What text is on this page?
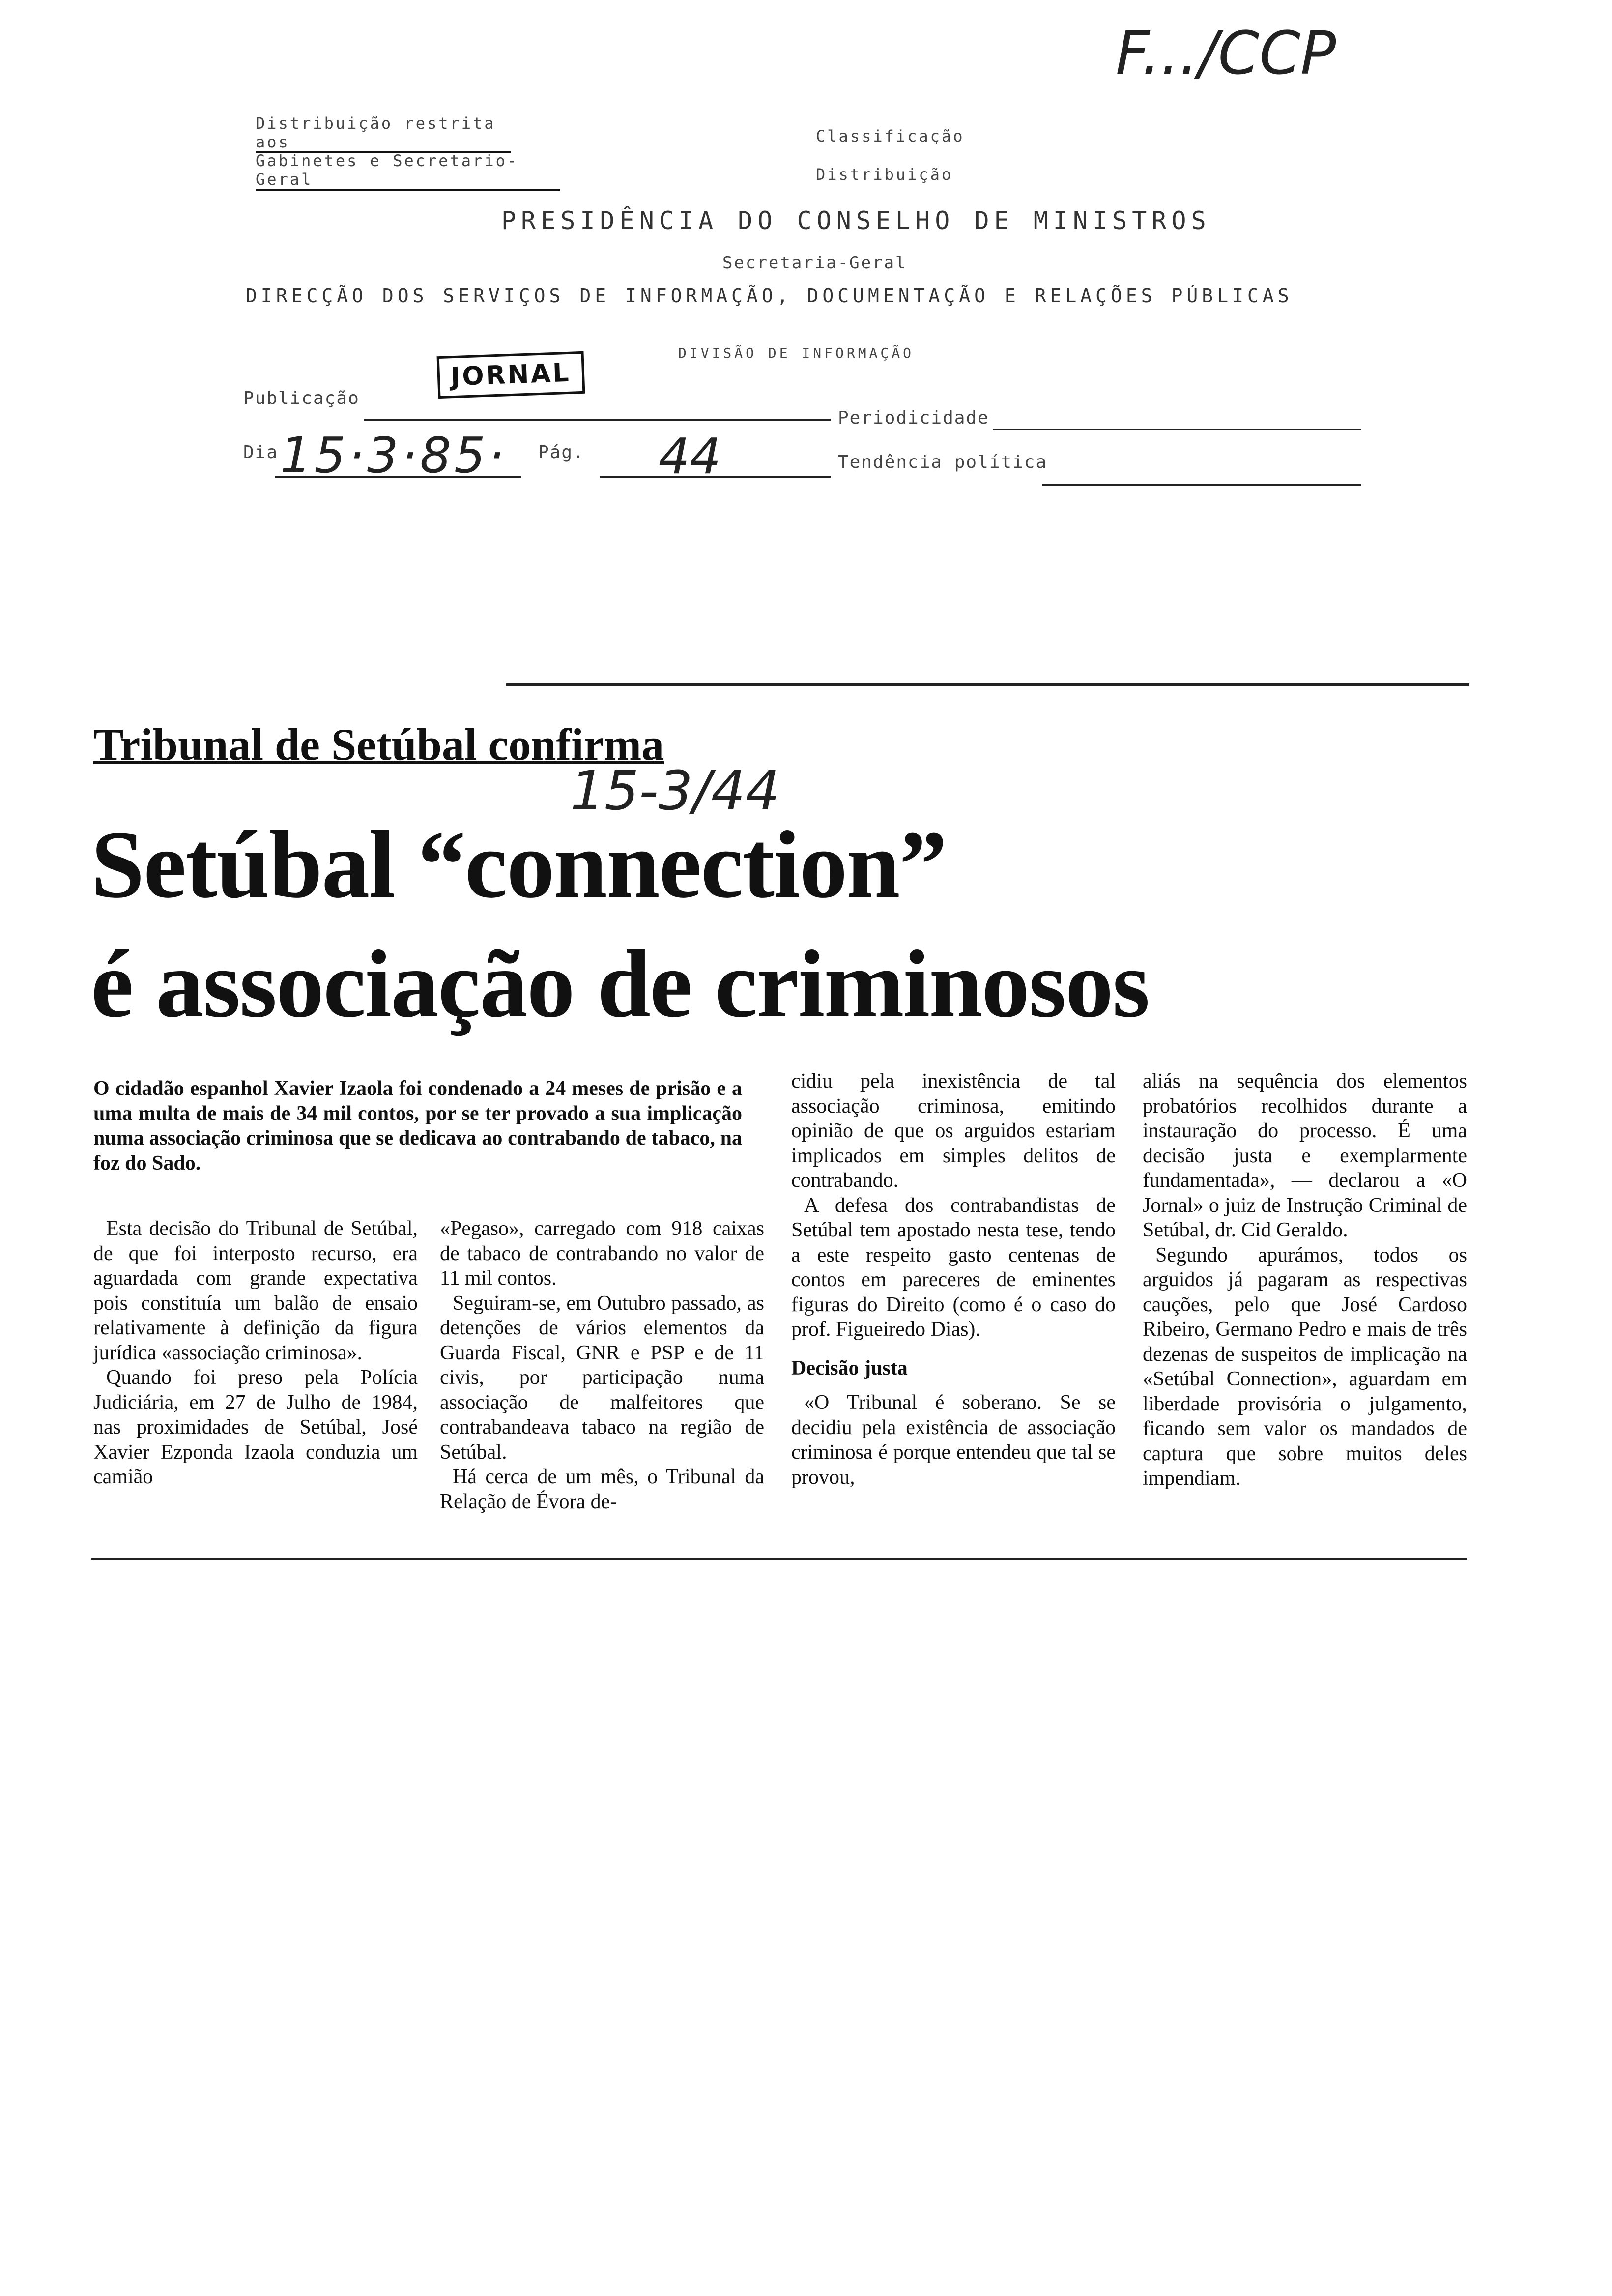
F.../CCP
Distribuição restrita aos
Gabinetes e Secretario-Geral
Classificação
Distribuição
PRESIDÊNCIA DO CONSELHO DE MINISTROS
Secretaria-Geral
DIRECÇÃO DOS SERVIÇOS DE INFORMAÇÃO, DOCUMENTAÇÃO E RELAÇÕES PÚBLICAS
DIVISÃO DE INFORMAÇÃO
JORNAL
Publicação
Periodicidade
Dia 15·3·85· Pág. 44	Tendência política
Tribunal de Setúbal confirma
15-3/44
Setúbal “connection”
é associação de criminosos

O cidadão espanhol Xavier Izaola foi condenado a 24 meses de prisão e a uma multa de mais de 34 mil contos, por se ter provado a sua implicação numa associação criminosa que se dedicava ao contrabando de tabaco, na foz do Sado.

Esta decisão do Tribunal de Setúbal, de que foi interposto recurso, era aguardada com grande expectativa pois constituía um balão de ensaio relativamente à definição da figura jurídica «associação criminosa».

Quando foi preso pela Polícia Judiciária, em 27 de Julho de 1984, nas proximidades de Setúbal, José Xavier Ezponda Izaola conduzia um camião

«Pegaso», carregado com 918 caixas de tabaco de contrabando no valor de 11 mil contos.

Seguiram-se, em Outubro passado, as detenções de vários elementos da Guarda Fiscal, GNR e PSP e de 11 civis, por participação numa associação de malfeitores que contrabandeava tabaco na região de Setúbal.

Há cerca de um mês, o Tribunal da Relação de Évora de-

cidiu pela inexistência de tal associação criminosa, emitindo opinião de que os arguidos estariam implicados em simples delitos de contrabando.

A defesa dos contrabandistas de Setúbal tem apostado nesta tese, tendo a este respeito gasto centenas de contos em pareceres de eminentes figuras do Direito (como é o caso do prof. Figueiredo Dias).

Decisão justa

«O Tribunal é soberano. Se se decidiu pela existência de associação criminosa é porque entendeu que tal se provou,

aliás na sequência dos elementos probatórios recolhidos durante a instauração do processo. É uma decisão justa e exemplarmente fundamentada», — declarou a «O Jornal» o juiz de Instrução Criminal de Setúbal, dr. Cid Geraldo.

Segundo apurámos, todos os arguidos já pagaram as respectivas cauções, pelo que José Cardoso Ribeiro, Germano Pedro e mais de três dezenas de suspeitos de implicação na «Setúbal Connection», aguardam em liberdade provisória o julgamento, ficando sem valor os mandados de captura que sobre muitos deles impendiam.
